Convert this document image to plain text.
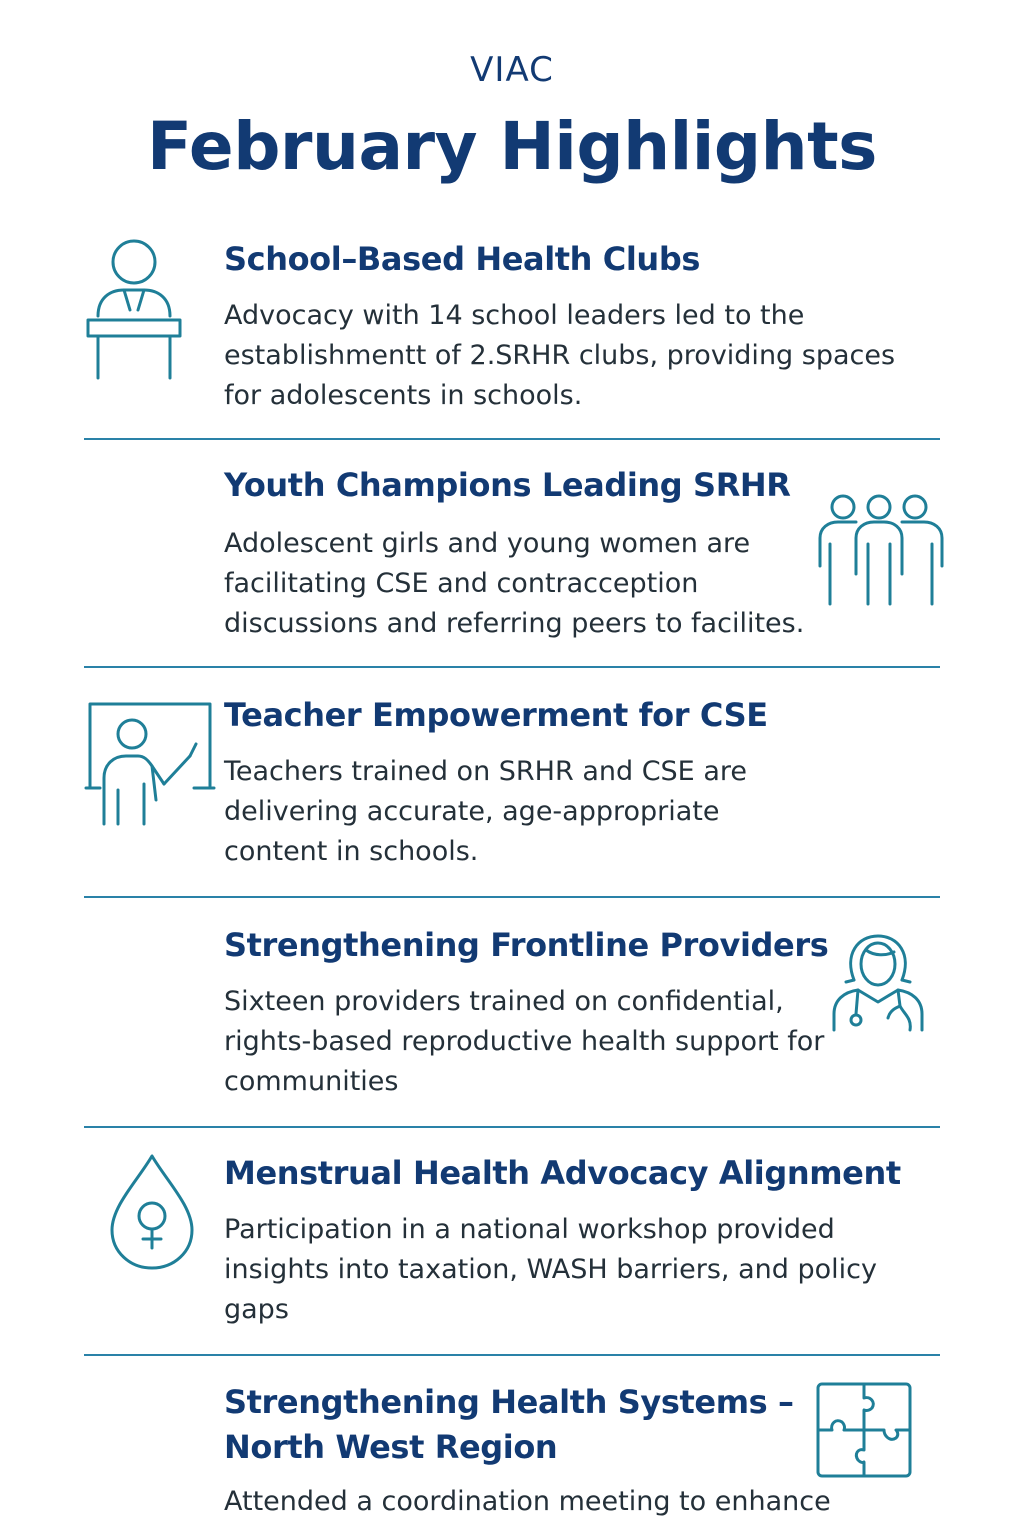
VIAC
February Highlights
School–Based Health Clubs
Advocacy with 14 school leaders led to the establishmentt of 2.SRHR clubs, providing spaces for adolescents in schools.
Youth Champions Leading SRHR
Adolescent girls and young women are facilitating CSE and contracception discussions and referring peers to facilites.
Teacher Empowerment for CSE
Teachers trained on SRHR and CSE are delivering accurate, age-appropriate content in schools.
Strengthening Frontline Providers
Sixteen providers trained on confidential, rights-based reproductive health support for communities
Menstrual Health Advocacy Alignment
Participation in a national workshop provided insights into taxation, WASH barriers, and policy gaps
Strengthening Health Systems – North West Region
Attended a coordination meeting to enhance
